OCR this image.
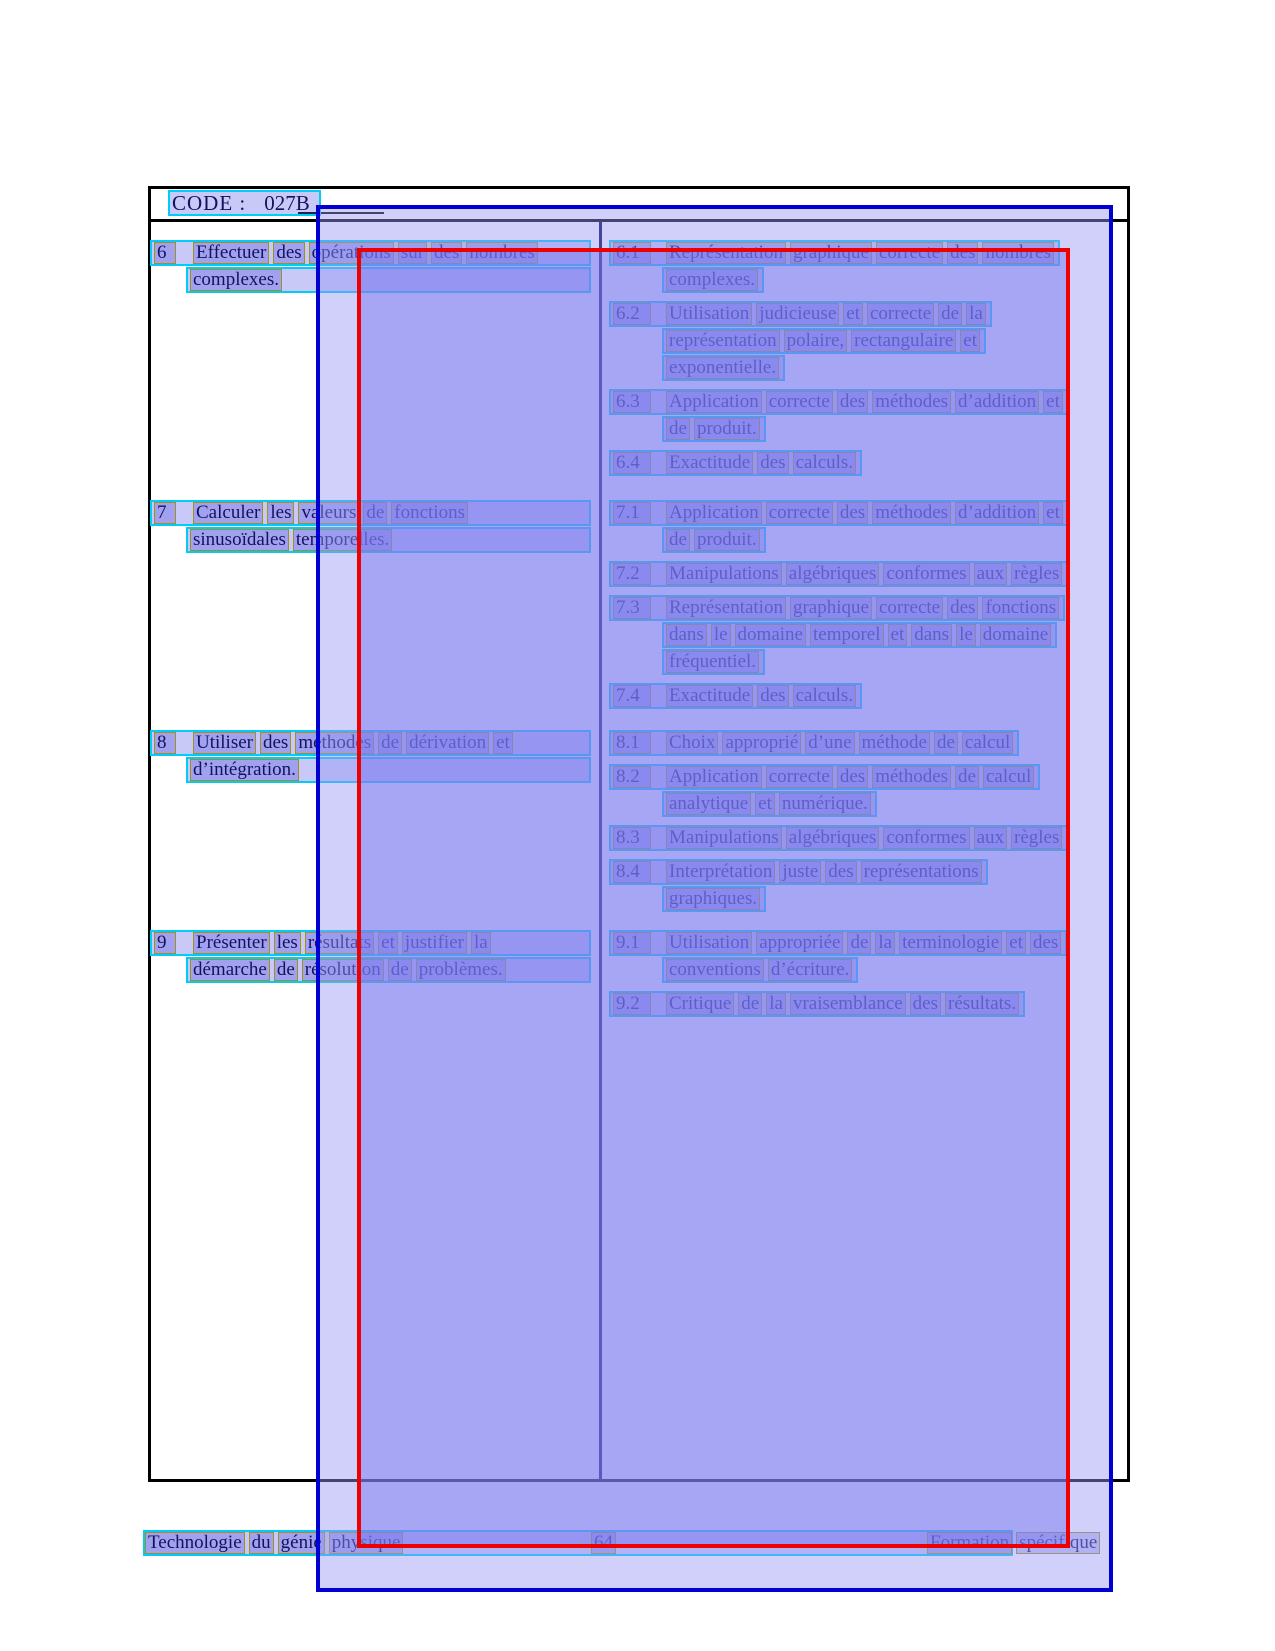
CODE : 027B
6	Effectuer des opérations sur des nombres
complexes.
6.1	Représentation graphique correcte des nombres
complexes.
6.2	Utilisation judicieuse et correcte de la
représentation polaire, rectangulaire et
exponentielle.
6.3	Application correcte des méthodes d’addition et
de produit.
6.4	Exactitude des calculs.
7	Calculer les valeurs de fonctions
sinusoïdales temporelles.
7.1	Application correcte des méthodes d’addition et
de produit.
7.2	Manipulations algébriques conformes aux règles
7.3	Représentation graphique correcte des fonctions
dans le domaine temporel et dans le domaine
fréquentiel.
7.4	Exactitude des calculs.
8	Utiliser des méthodes de dérivation et
d’intégration.
8.1	Choix approprié d’une méthode de calcul
8.2	Application correcte des méthodes de calcul
analytique et numérique.
8.3	Manipulations algébriques conformes aux règles
8.4	Interprétation juste des représentations
graphiques.
9	Présenter les résultats et justifier la
démarche de résolution de problèmes.
9.1	Utilisation appropriée de la terminologie et des
conventions d’écriture.
9.2	Critique de la vraisemblance des résultats.
Technologie du génie physique	64	Formation spécifique
